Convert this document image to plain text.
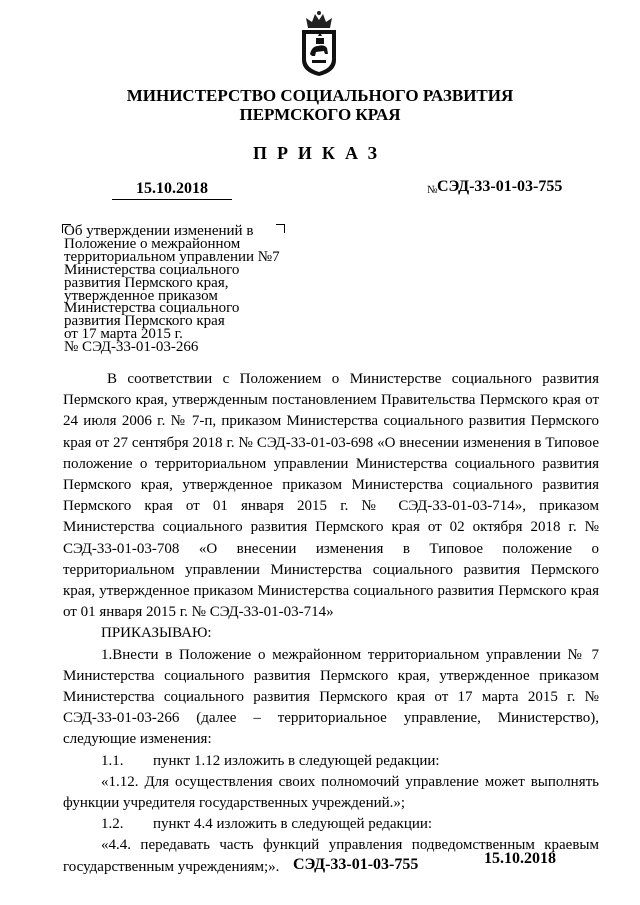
МИНИСТЕРСТВО СОЦИАЛЬНОГО РАЗВИТИЯ
ПЕРМСКОГО КРАЯ
ПРИКАЗ
15.10.2018	№ СЭД-33-01-03-755
Об утверждении изменений в
Положение о межрайонном
территориальном управлении №7
Министерства социального
развития Пермского края,
утвержденное приказом
Министерства социального
развития Пермского края
от 17 марта 2015 г.
№ СЭД-33-01-03-266

В соответствии с Положением о Министерстве социального развития Пермского края, утвержденным постановлением Правительства Пермского края от 24 июля 2006 г. № 7-п, приказом Министерства социального развития Пермского края от 27 сентября 2018 г. № СЭД-33-01-03-698 «О внесении изменения в Типовое положение о территориальном управлении Министерства социального развития Пермского края, утвержденное приказом Министерства социального развития Пермского края от 01 января 2015 г. № СЭД-33-01-03-714», приказом Министерства социального развития Пермского края от 02 октября 2018 г. № СЭД-33-01-03-708 «О внесении изменения в Типовое положение о территориальном управлении Министерства социального развития Пермского края, утвержденное приказом Министерства социального развития Пермского края от 01 января 2015 г. № СЭД-33-01-03-714»

ПРИКАЗЫВАЮ:

1.Внести в Положение о межрайонном территориальном управлении № 7 Министерства социального развития Пермского края, утвержденное приказом Министерства социального развития Пермского края от 17 марта 2015 г. № СЭД-33-01-03-266 (далее – территориальное управление, Министерство), следующие изменения:

1.1. пункт 1.12 изложить в следующей редакции:

«1.12. Для осуществления своих полномочий управление может выполнять функции учредителя государственных учреждений.»;

1.2. пункт 4.4 изложить в следующей редакции:

«4.4. передавать часть функций управления подведомственным краевым государственным учреждениям;». СЭД-33-01-03-755	15.10.2018
